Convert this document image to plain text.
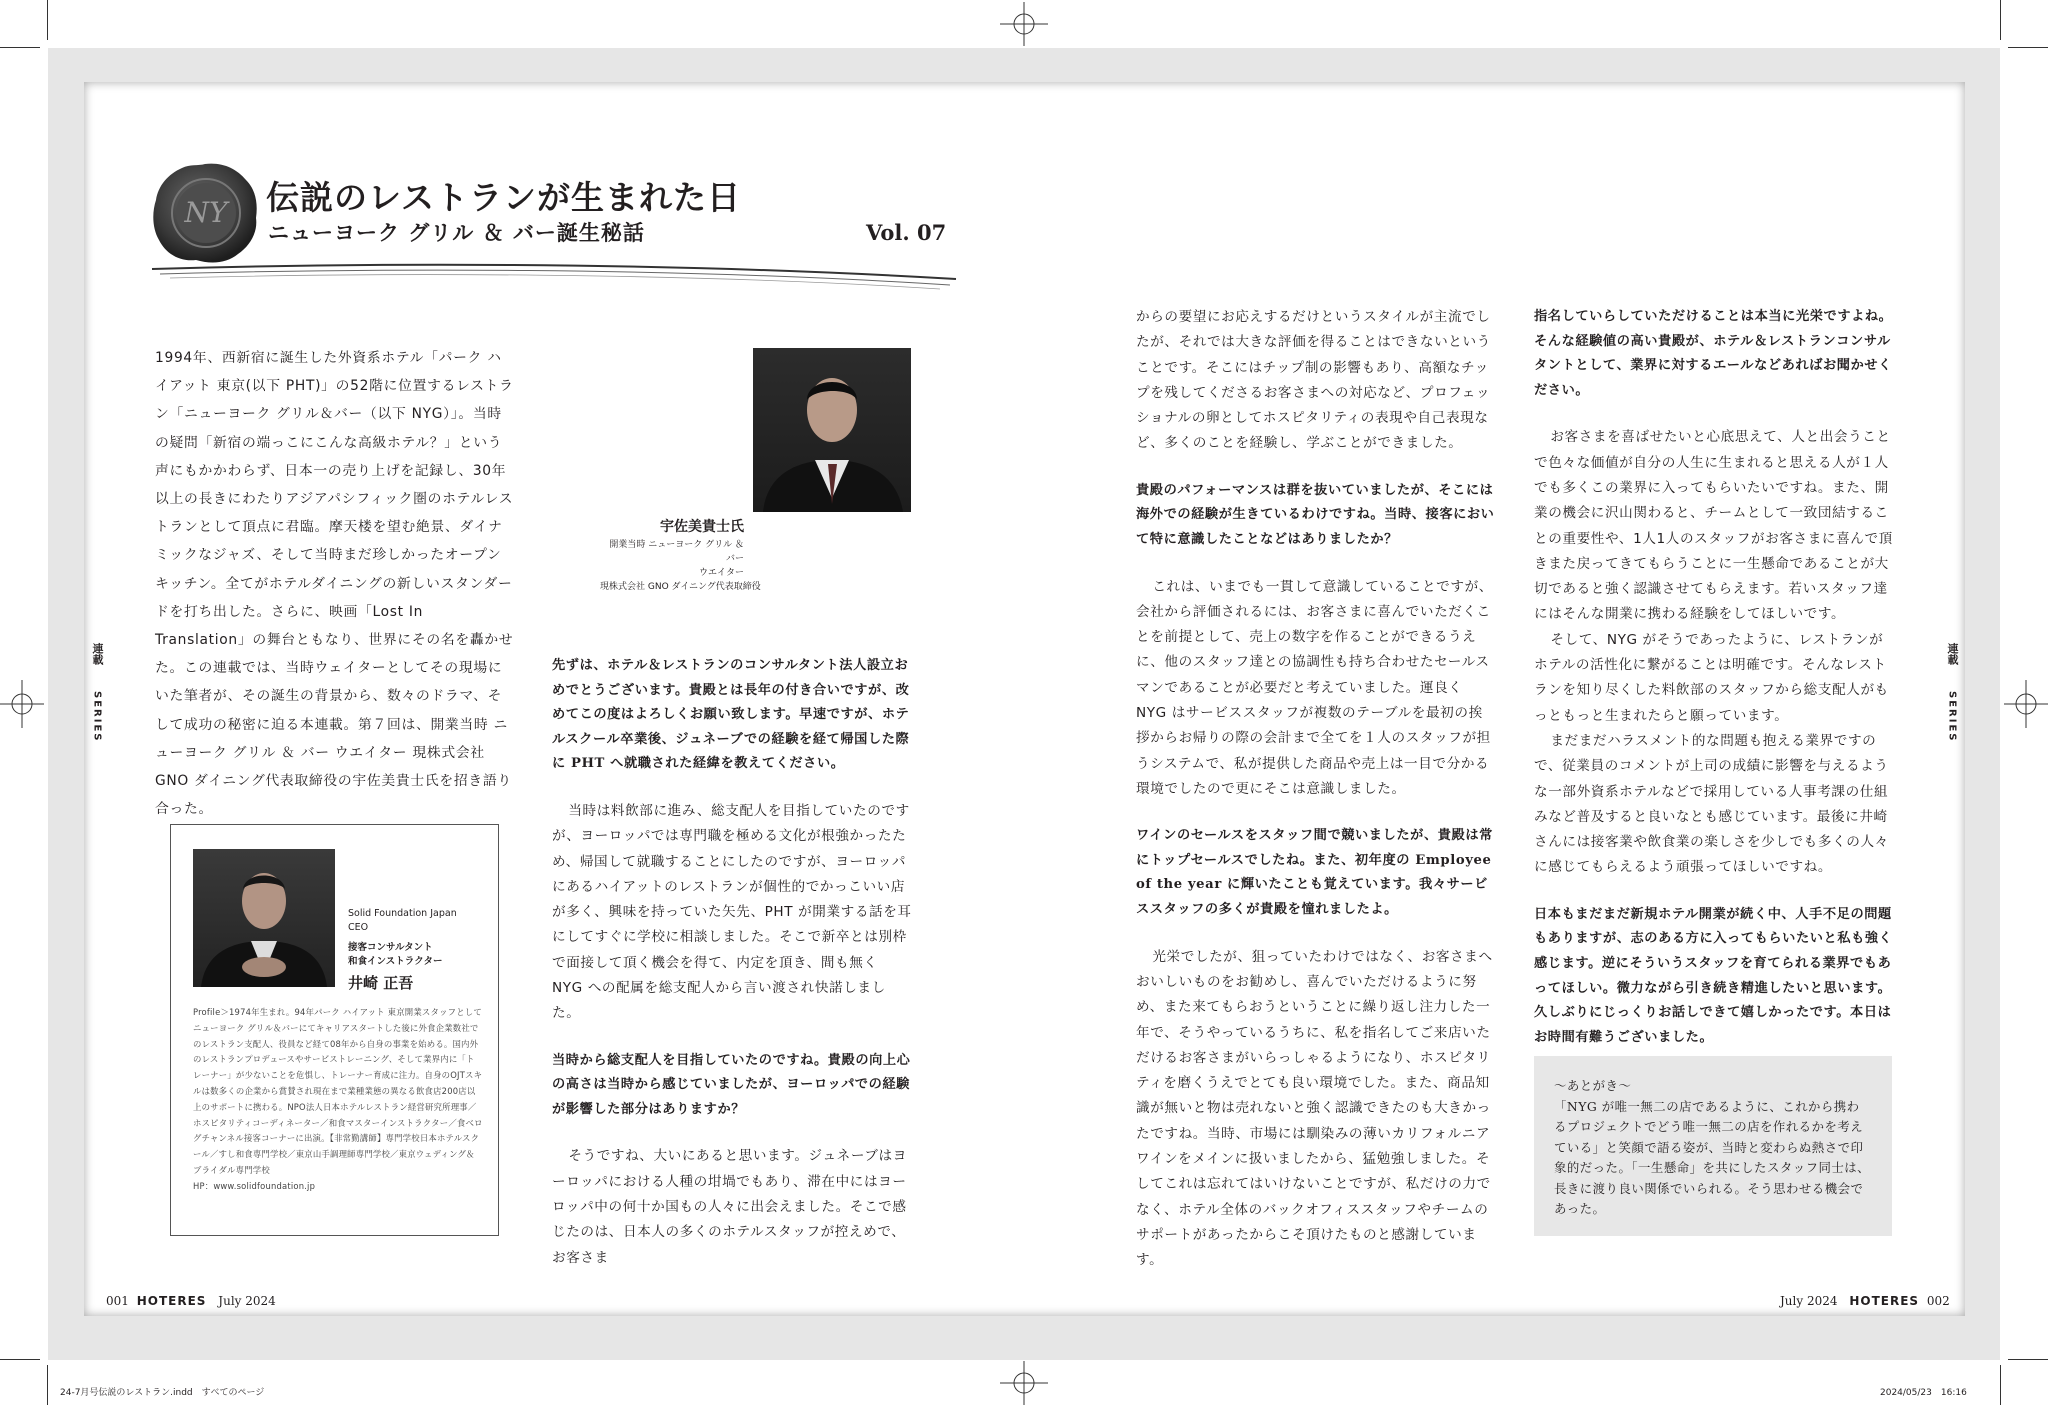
NY 伝説のレストランが生まれた日
ニューヨーク グリル ＆ バー誕生秘話	Vol. 07
1994年、西新宿に誕生した外資系ホテル「パーク ハイアット 東京(以下 PHT)」の52階に位置するレストラン「ニューヨーク グリル＆バー（以下 NYG）」。当時の疑問「新宿の端っこにこんな高級ホテル？」という声にもかかわらず、日本一の売り上げを記録し、30年以上の長きにわたりアジアパシフィック圏のホテルレストランとして頂点に君臨。摩天楼を望む絶景、ダイナミックなジャズ、そして当時まだ珍しかったオープンキッチン。全てがホテルダイニングの新しいスタンダードを打ち出した。さらに、映画「Lost In Translation」の舞台ともなり、世界にその名を轟かせた。この連載では、当時ウェイターとしてその現場にいた筆者が、その誕生の背景から、数々のドラマ、そして成功の秘密に迫る本連載。第７回は、開業当時 ニューヨーク グリル ＆ バー ウエイター 現株式会社 GNO ダイニング代表取締役の宇佐美貴士氏を招き語り合った。
宇佐美貴士氏
開業当時 ニューヨーク グリル ＆ バー
ウエイター
現株式会社 GNO ダイニング代表取締役
Solid Foundation Japan
CEO
接客コンサルタント
和食インストラクター
井崎 正吾
Profile＞1974年生まれ。94年パーク ハイアット 東京開業スタッフとしてニューヨーク グリル＆バーにてキャリアスタートした後に外食企業数社でのレストラン支配人、役員など経て08年から自身の事業を始める。国内外のレストランプロデュースやサービストレーニング、そして業界内に「トレーナー」が少ないことを危惧し、トレーナー育成に注力。自身のOJTスキルは数多くの企業から賞賛され現在まで業種業態の異なる飲食店200店以上のサポートに携わる。NPO法人日本ホテルレストラン経営研究所理事／ホスピタリティコーディネーター／和食マスターインストラクター／食べログチャンネル接客コーナーに出演。【非常勤講師】専門学校日本ホテルスクール／すし和食専門学校／東京山手調理師専門学校／東京ウェディング＆ブライダル専門学校
HP：www.solidfoundation.jp

先ずは、ホテル＆レストランのコンサルタント法人設立おめでとうございます。貴殿とは長年の付き合いですが、改めてこの度はよろしくお願い致します。早速ですが、ホテルスクール卒業後、ジュネーブでの経験を経て帰国した際に PHT へ就職された経緯を教えてください。

当時は料飲部に進み、総支配人を目指していたのですが、ヨーロッパでは専門職を極める文化が根強かったため、帰国して就職することにしたのですが、ヨーロッパにあるハイアットのレストランが個性的でかっこいい店が多く、興味を持っていた矢先、PHT が開業する話を耳にしてすぐに学校に相談しました。そこで新卒とは別枠で面接して頂く機会を得て、内定を頂き、間も無く NYG への配属を総支配人から言い渡され快諾しました。

当時から総支配人を目指していたのですね。貴殿の向上心の高さは当時から感じていましたが、ヨーロッパでの経験が影響した部分はありますか？

そうですね、大いにあると思います。ジュネーブはヨーロッパにおける人種の坩堝でもあり、滞在中にはヨーロッパ中の何十か国もの人々に出会えました。そこで感じたのは、日本人の多くのホテルスタッフが控えめで、お客さま

からの要望にお応えするだけというスタイルが主流でしたが、それでは大きな評価を得ることはできないということです。そこにはチップ制の影響もあり、高額なチップを残してくださるお客さまへの対応など、プロフェッショナルの卵としてホスピタリティの表現や自己表現など、多くのことを経験し、学ぶことができました。

貴殿のパフォーマンスは群を抜いていましたが、そこには海外での経験が生きているわけですね。当時、接客において特に意識したことなどはありましたか？

これは、いまでも一貫して意識していることですが、会社から評価されるには、お客さまに喜んでいただくことを前提として、売上の数字を作ることができるうえに、他のスタッフ達との協調性も持ち合わせたセールスマンであることが必要だと考えていました。運良く NYG はサービススタッフが複数のテーブルを最初の挨拶からお帰りの際の会計まで全てを１人のスタッフが担うシステムで、私が提供した商品や売上は一目で分かる環境でしたので更にそこは意識しました。

ワインのセールスをスタッフ間で競いましたが、貴殿は常にトップセールスでしたね。また、初年度の Employee of the year に輝いたことも覚えています。我々サービススタッフの多くが貴殿を憧れましたよ。

光栄でしたが、狙っていたわけではなく、お客さまへおいしいものをお勧めし、喜んでいただけるように努め、また来てもらおうということに繰り返し注力した一年で、そうやっているうちに、私を指名してご来店いただけるお客さまがいらっしゃるようになり、ホスピタリティを磨くうえでとても良い環境でした。また、商品知識が無いと物は売れないと強く認識できたのも大きかったですね。当時、市場には馴染みの薄いカリフォルニアワインをメインに扱いましたから、猛勉強しました。そしてこれは忘れてはいけないことですが、私だけの力でなく、ホテル全体のバックオフィススタッフやチームのサポートがあったからこそ頂けたものと感謝しています。

指名していらしていただけることは本当に光栄ですよね。そんな経験値の高い貴殿が、ホテル＆レストランコンサルタントとして、業界に対するエールなどあればお聞かせください。

お客さまを喜ばせたいと心底思えて、人と出会うことで色々な価値が自分の人生に生まれると思える人が１人でも多くこの業界に入ってもらいたいですね。また、開業の機会に沢山関わると、チームとして一致団結することの重要性や、1人1人のスタッフがお客さまに喜んで頂きまた戻ってきてもらうことに一生懸命であることが大切であると強く認識させてもらえます。若いスタッフ達にはそんな開業に携わる経験をしてほしいです。

そして、NYG がそうであったように、レストランがホテルの活性化に繋がることは明確です。そんなレストランを知り尽くした料飲部のスタッフから総支配人がもっともっと生まれたらと願っています。

まだまだハラスメント的な問題も抱える業界ですので、従業員のコメントが上司の成績に影響を与えるような一部外資系ホテルなどで採用している人事考課の仕組みなど普及すると良いなとも感じています。最後に井崎さんには接客業や飲食業の楽しさを少しでも多くの人々に感じてもらえるよう頑張ってほしいですね。

日本もまだまだ新規ホテル開業が続く中、人手不足の問題もありますが、志のある方に入ってもらいたいと私も強く感じます。逆にそういうスタッフを育てられる業界でもあってほしい。微力ながら引き続き精進したいと思います。久しぶりにじっくりお話しできて嬉しかったです。本日はお時間有難うございました。

〜あとがき〜
「NYG が唯一無二の店であるように、これから携わるプロジェクトでどう唯一無二の店を作れるかを考えている」と笑顔で語る姿が、当時と変わらぬ熱さで印象的だった。「一生懸命」を共にしたスタッフ同士は、長きに渡り良い関係でいられる。そう思わせる機会であった。
連載
SERIES
連載
SERIES
001 HOTERES July 2024	July 2024 HOTERES 002
24-7月号伝説のレストラン.indd　すべてのページ	2024/05/23　16:16
